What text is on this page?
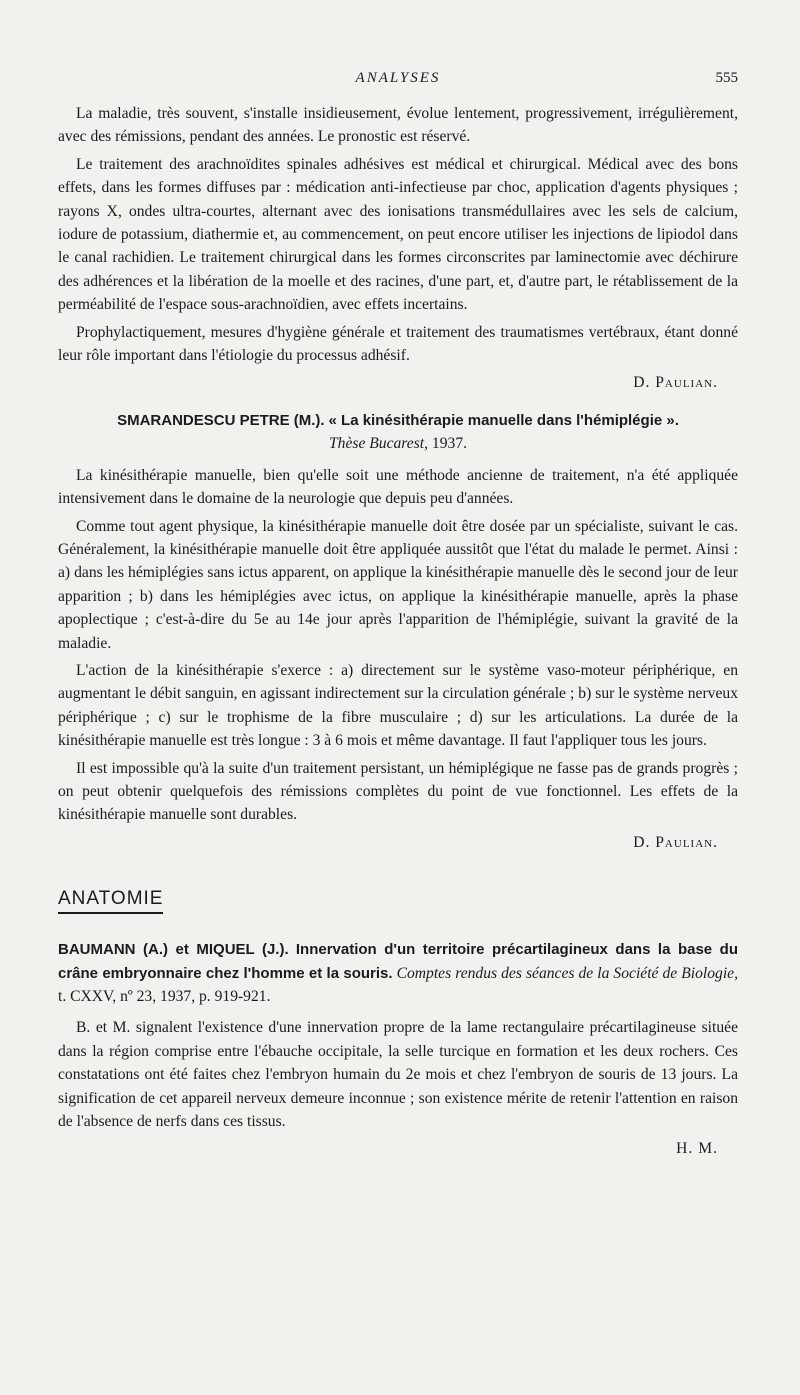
ANALYSES	555

La maladie, très souvent, s'installe insidieusement, évolue lentement, progressivement, irrégulièrement, avec des rémissions, pendant des années. Le pronostic est réservé.

Le traitement des arachnoïdites spinales adhésives est médical et chirurgical. Médical avec des bons effets, dans les formes diffuses par : médication anti-infectieuse par choc, application d'agents physiques ; rayons X, ondes ultra-courtes, alternant avec des ionisations transmédullaires avec les sels de calcium, iodure de potassium, diathermie et, au commencement, on peut encore utiliser les injections de lipiodol dans le canal rachidien. Le traitement chirurgical dans les formes circonscrites par laminectomie avec déchirure des adhérences et la libération de la moelle et des racines, d'une part, et, d'autre part, le rétablissement de la perméabilité de l'espace sous-arachnoïdien, avec effets incertains.

Prophylactiquement, mesures d'hygiène générale et traitement des traumatismes vertébraux, étant donné leur rôle important dans l'étiologie du processus adhésif.

D. Paulian.
SMARANDESCU PETRE (M.). « La kinésithérapie manuelle dans l'hémiplégie ». Thèse Bucarest, 1937.

La kinésithérapie manuelle, bien qu'elle soit une méthode ancienne de traitement, n'a été appliquée intensivement dans le domaine de la neurologie que depuis peu d'années.

Comme tout agent physique, la kinésithérapie manuelle doit être dosée par un spécialiste, suivant le cas. Généralement, la kinésithérapie manuelle doit être appliquée aussitôt que l'état du malade le permet. Ainsi : a) dans les hémiplégies sans ictus apparent, on applique la kinésithérapie manuelle dès le second jour de leur apparition ; b) dans les hémiplégies avec ictus, on applique la kinésithérapie manuelle, après la phase apoplectique ; c'est-à-dire du 5e au 14e jour après l'apparition de l'hémiplégie, suivant la gravité de la maladie.

L'action de la kinésithérapie s'exerce : a) directement sur le système vaso-moteur périphérique, en augmentant le débit sanguin, en agissant indirectement sur la circulation générale ; b) sur le système nerveux périphérique ; c) sur le trophisme de la fibre musculaire ; d) sur les articulations. La durée de la kinésithérapie manuelle est très longue : 3 à 6 mois et même davantage. Il faut l'appliquer tous les jours.

Il est impossible qu'à la suite d'un traitement persistant, un hémiplégique ne fasse pas de grands progrès ; on peut obtenir quelquefois des rémissions complètes du point de vue fonctionnel. Les effets de la kinésithérapie manuelle sont durables.

D. Paulian.
ANATOMIE
BAUMANN (A.) et MIQUEL (J.). Innervation d'un territoire précartilagineux dans la base du crâne embryonnaire chez l'homme et la souris. Comptes rendus des séances de la Société de Biologie, t. CXXV, nº 23, 1937, p. 919-921.

B. et M. signalent l'existence d'une innervation propre de la lame rectangulaire précartilagineuse située dans la région comprise entre l'ébauche occipitale, la selle turcique en formation et les deux rochers. Ces constatations ont été faites chez l'embryon humain du 2e mois et chez l'embryon de souris de 13 jours. La signification de cet appareil nerveux demeure inconnue ; son existence mérite de retenir l'attention en raison de l'absence de nerfs dans ces tissus.

H. M.
